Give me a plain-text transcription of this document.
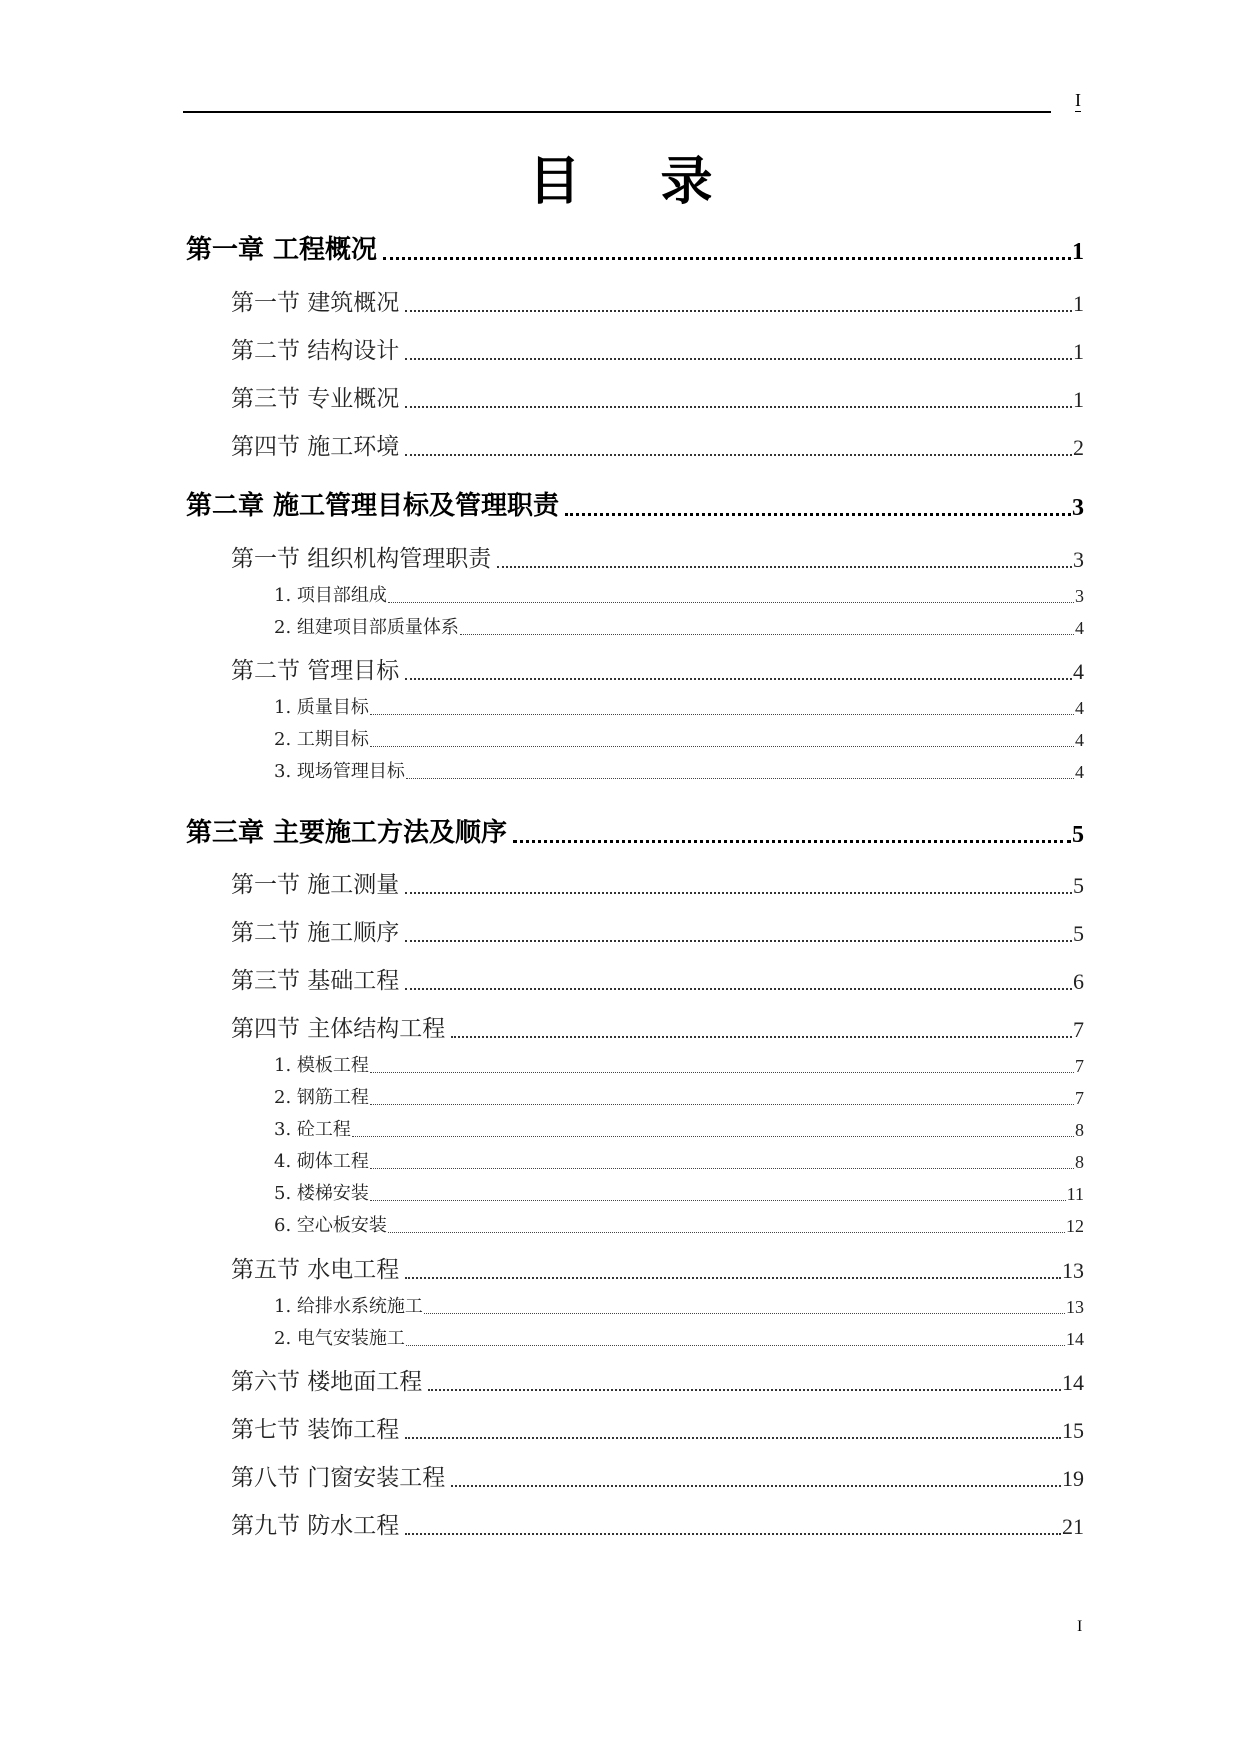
I
目录
第一章 工程概况	1
第一节 建筑概况	1
第二节 结构设计	1
第三节 专业概况	1
第四节 施工环境	2
第二章 施工管理目标及管理职责	3
第一节 组织机构管理职责	3
1. 项目部组成	3
2. 组建项目部质量体系	4
第二节 管理目标	4
1. 质量目标	4
2. 工期目标	4
3. 现场管理目标	4
第三章 主要施工方法及顺序	5
第一节 施工测量	5
第二节 施工顺序	5
第三节 基础工程	6
第四节 主体结构工程	7
1. 模板工程	7
2. 钢筋工程	7
3. 砼工程	8
4. 砌体工程	8
5. 楼梯安装	11
6. 空心板安装	12
第五节 水电工程	13
1. 给排水系统施工	13
2. 电气安装施工	14
第六节 楼地面工程	14
第七节 装饰工程	15
第八节 门窗安装工程	19
第九节 防水工程	21
I
